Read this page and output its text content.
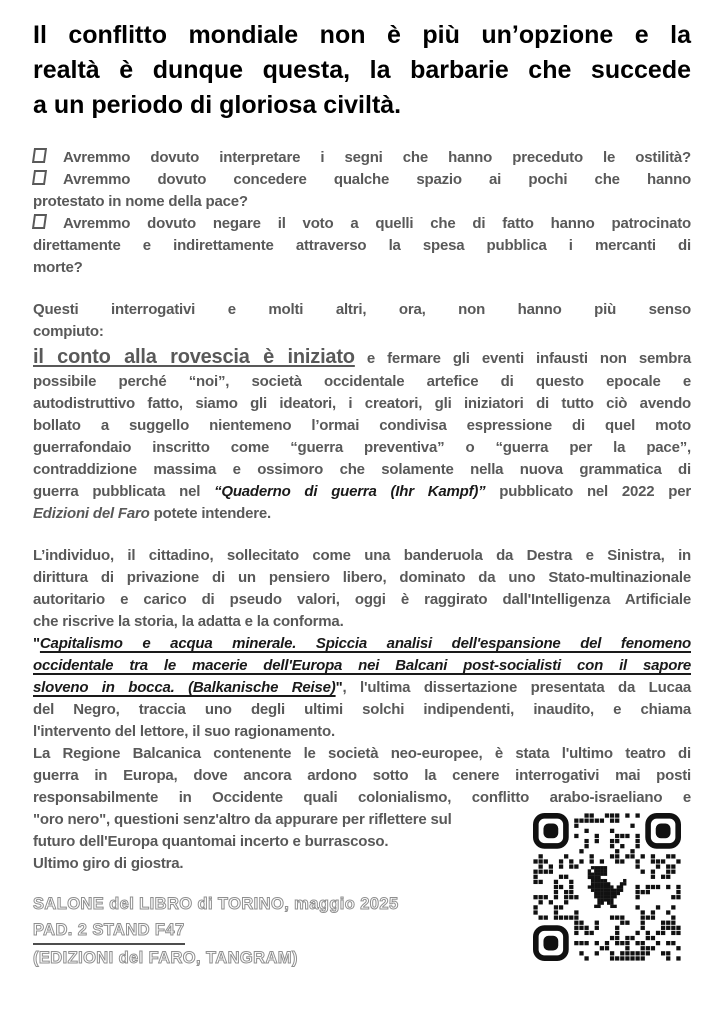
Il conflitto mondiale non è più un’opzione e la
realtà è dunque questa, la barbarie che succede
a un periodo di gloriosa civiltà.
Avremmo dovuto interpretare i segni che hanno preceduto le ostilità?
Avremmo dovuto concedere qualche spazio ai pochi che hanno
protestato in nome della pace?
Avremmo dovuto negare il voto a quelli che di fatto hanno patrocinato
direttamente e indirettamente attraverso la spesa pubblica i mercanti di
morte?
Questi interrogativi e molti altri, ora, non hanno più senso
compiuto:
il conto alla rovescia è iniziato e fermare gli eventi infausti non sembra
possibile perché “noi”, società occidentale artefice di questo epocale e
autodistruttivo fatto, siamo gli ideatori, i creatori, gli iniziatori di tutto ciò avendo
bollato a suggello nientemeno l’ormai condivisa espressione di quel moto
guerrafondaio inscritto come “guerra preventiva” o “guerra per la pace”,
contraddizione massima e ossimoro che solamente nella nuova grammatica di
guerra pubblicata nel “Quaderno di guerra (Ihr Kampf)” pubblicato nel 2022 per
Edizioni del Faro potete intendere.
L’individuo, il cittadino, sollecitato come una banderuola da Destra e Sinistra, in
dirittura di privazione di un pensiero libero, dominato da uno Stato-multinazionale
autoritario e carico di pseudo valori, oggi è raggirato dall'Intelligenza Artificiale
che riscrive la storia, la adatta e la conforma.
"Capitalismo e acqua minerale. Spiccia analisi dell'espansione del fenomeno
occidentale tra le macerie dell'Europa nei Balcani post-socialisti con il sapore
sloveno in bocca. (Balkanische Reise)", l'ultima dissertazione presentata da Lucaa
del Negro, traccia uno degli ultimi solchi indipendenti, inaudito, e chiama
l'intervento del lettore, il suo ragionamento.
La Regione Balcanica contenente le società neo-europee, è stata l'ultimo teatro di
guerra in Europa, dove ancora ardono sotto la cenere interrogativi mai posti
responsabilmente in Occidente quali colonialismo, conflitto arabo-israeliano e
"oro nero", questioni senz'altro da appurare per riflettere sul
futuro dell'Europa quantomai incerto e burrascoso.
Ultimo giro di giostra.
SALONE del LIBRO di TORINO, maggio 2025
PAD. 2 STAND F47
(EDIZIONI del FARO, TANGRAM)
